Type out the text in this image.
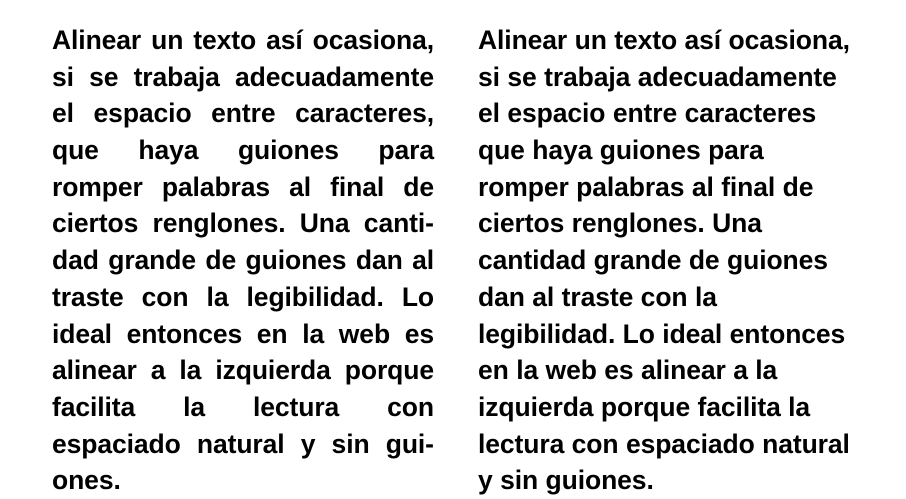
Alinear un texto así ocasiona, si se trabaja adecuadamente el espacio entre caracteres, que haya guiones para romper palabras al final de ciertos renglones. Una cantidad grande de guiones dan al traste con la legibilidad. Lo ideal entonces en la web es alinear a la izquierda porque facilita la lectura con espaciado natural y sin guiones.

Alinear un texto así ocasiona, si se trabaja adecuadamente el espacio entre caracteres que haya guiones para romper palabras al final de ciertos renglones. Una cantidad grande de guiones dan al traste con la legibilidad. Lo ideal entonces en la web es alinear a la izquierda porque facilita la lectura con espaciado natural y sin guiones.
